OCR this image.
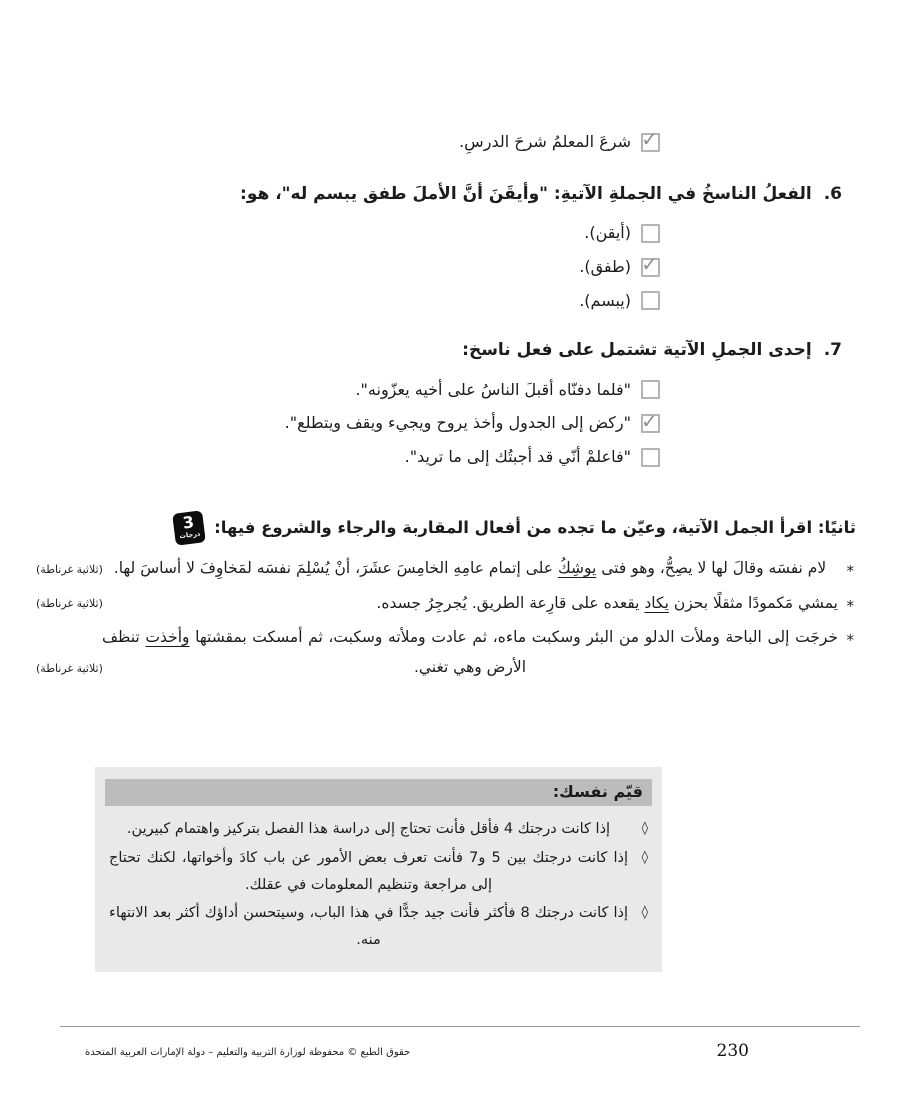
✓
شرعَ المعلمُ شرحَ الدرسِ.
6.الفعلُ الناسخُ في الجملةِ الآتيةِ: "وأيقَنَ أنَّ الأملَ طفق يبسم له"، هو:
(أيقن).
✓
(طفق).
(يبسم).
7.إحدى الجملِ الآتية تشتمل على فعل ناسخ:
"فلما دفنّاه أقبلَ الناسُ على أخيه يعزّونه".
✓
"ركض إلى الجدول وأخذ يروح ويجيء ويقف ويتطلع".
"فاعلمْ أنّي قد أجبتُك إلى ما تريد".
ثانيًا: اقرأ الجمل الآتية، وعيّن ما تجده من أفعال المقاربة والرجاء والشروع فيها:
3
درجات
*
لام نفسَه وقالَ لها لا يصِحُّ، وهو فتى يوشِكُ على إتمام عامِهِ الخامِسَ عشَرَ، أنْ يُسْلِمَ نفسَه لمَخاوِفَ لا أساسَ لها.
(ثلاثية غرناطة)
*
يمشي مَكمودًا مثقلًا بحزن يكاد يقعده على قارِعة الطريق. يُجرجِرُ جسده.
(ثلاثية غرناطة)
*
خرجَت إلى الباحة وملأت الدلو من البئر وسكبت ماءه، ثم عادت وملأته وسكبت، ثم أمسكت بمقشتها وأخذت تنظف الأرض وهي تغني.
(ثلاثية غرناطة)
قيّم نفسك:
◊
إذا كانت درجتك 4 فأقل فأنت تحتاج إلى دراسة هذا الفصل بتركيز واهتمام كبيرين.
◊
إذا كانت درجتك بين 5 و7 فأنت تعرف بعض الأمور عن باب كادَ وأخواتها، لكنك تحتاج إلى مراجعة وتنظيم المعلومات في عقلك.
◊
إذا كانت درجتك 8 فأكثر فأنت جيد جدًّا في هذا الباب، وسيتحسن أداؤك أكثر بعد الانتهاء منه.
حقوق الطبع © محفوظة لوزارة التربية والتعليم – دولة الإمارات العربية المتحدة	230
